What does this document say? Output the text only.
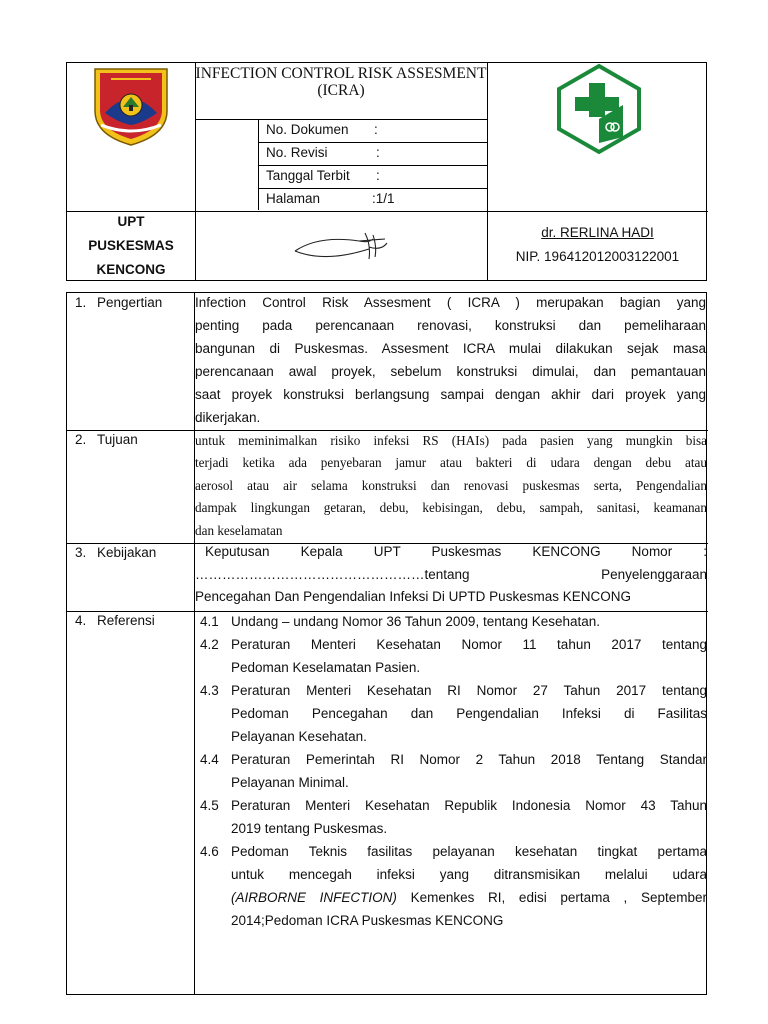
INFECTION CONTROL RISK ASSESMENT (ICRA)
No. Dokumen :
No. Revisi	:
Tanggal Terbit :
Halaman	:1/1
UPT
PUSKESMAS
KENCONG
dr. RERLINA HADI
NIP. 196412012003122001
1. Pengertian	Infection Control Risk Assesment ( ICRA ) merupakan bagian yang
penting pada perencanaan renovasi, konstruksi dan pemeliharaan
bangunan di Puskesmas. Assesment ICRA mulai dilakukan sejak masa
perencanaan awal proyek, sebelum konstruksi dimulai, dan pemantauan
saat proyek konstruksi berlangsung sampai dengan akhir dari proyek yang
dikerjakan.
2. Tujuan	untuk meminimalkan risiko infeksi RS (HAIs) pada pasien yang mungkin bisa
terjadi ketika ada penyebaran jamur atau bakteri di udara dengan debu atau
aerosol atau air selama konstruksi dan renovasi puskesmas serta, Pengendalian
dampak lingkungan getaran, debu, kebisingan, debu, sampah, sanitasi, keamanan
dan keselamatan
3. Kebijakan	Keputusan Kepala UPT Puskesmas KENCONG Nomor :
……………………………………………tentang Penyelenggaraan
Pencegahan Dan Pengendalian Infeksi Di UPTD Puskesmas KENCONG
4. Referensi	4.1 Undang – undang Nomor 36 Tahun 2009, tentang Kesehatan.
4.2 Peraturan Menteri Kesehatan Nomor 11 tahun 2017 tentang
Pedoman Keselamatan Pasien.
4.3 Peraturan Menteri Kesehatan RI Nomor 27 Tahun 2017 tentang
Pedoman Pencegahan dan Pengendalian Infeksi di Fasilitas
Pelayanan Kesehatan.
4.4 Peraturan Pemerintah RI Nomor 2 Tahun 2018 Tentang Standar
Pelayanan Minimal.
4.5 Peraturan Menteri Kesehatan Republik Indonesia Nomor 43 Tahun
2019 tentang Puskesmas.
4.6 Pedoman Teknis fasilitas pelayanan kesehatan tingkat pertama
untuk mencegah infeksi yang ditransmisikan melalui udara
(AIRBORNE INFECTION) Kemenkes RI, edisi pertama , September
2014;Pedoman ICRA Puskesmas KENCONG
